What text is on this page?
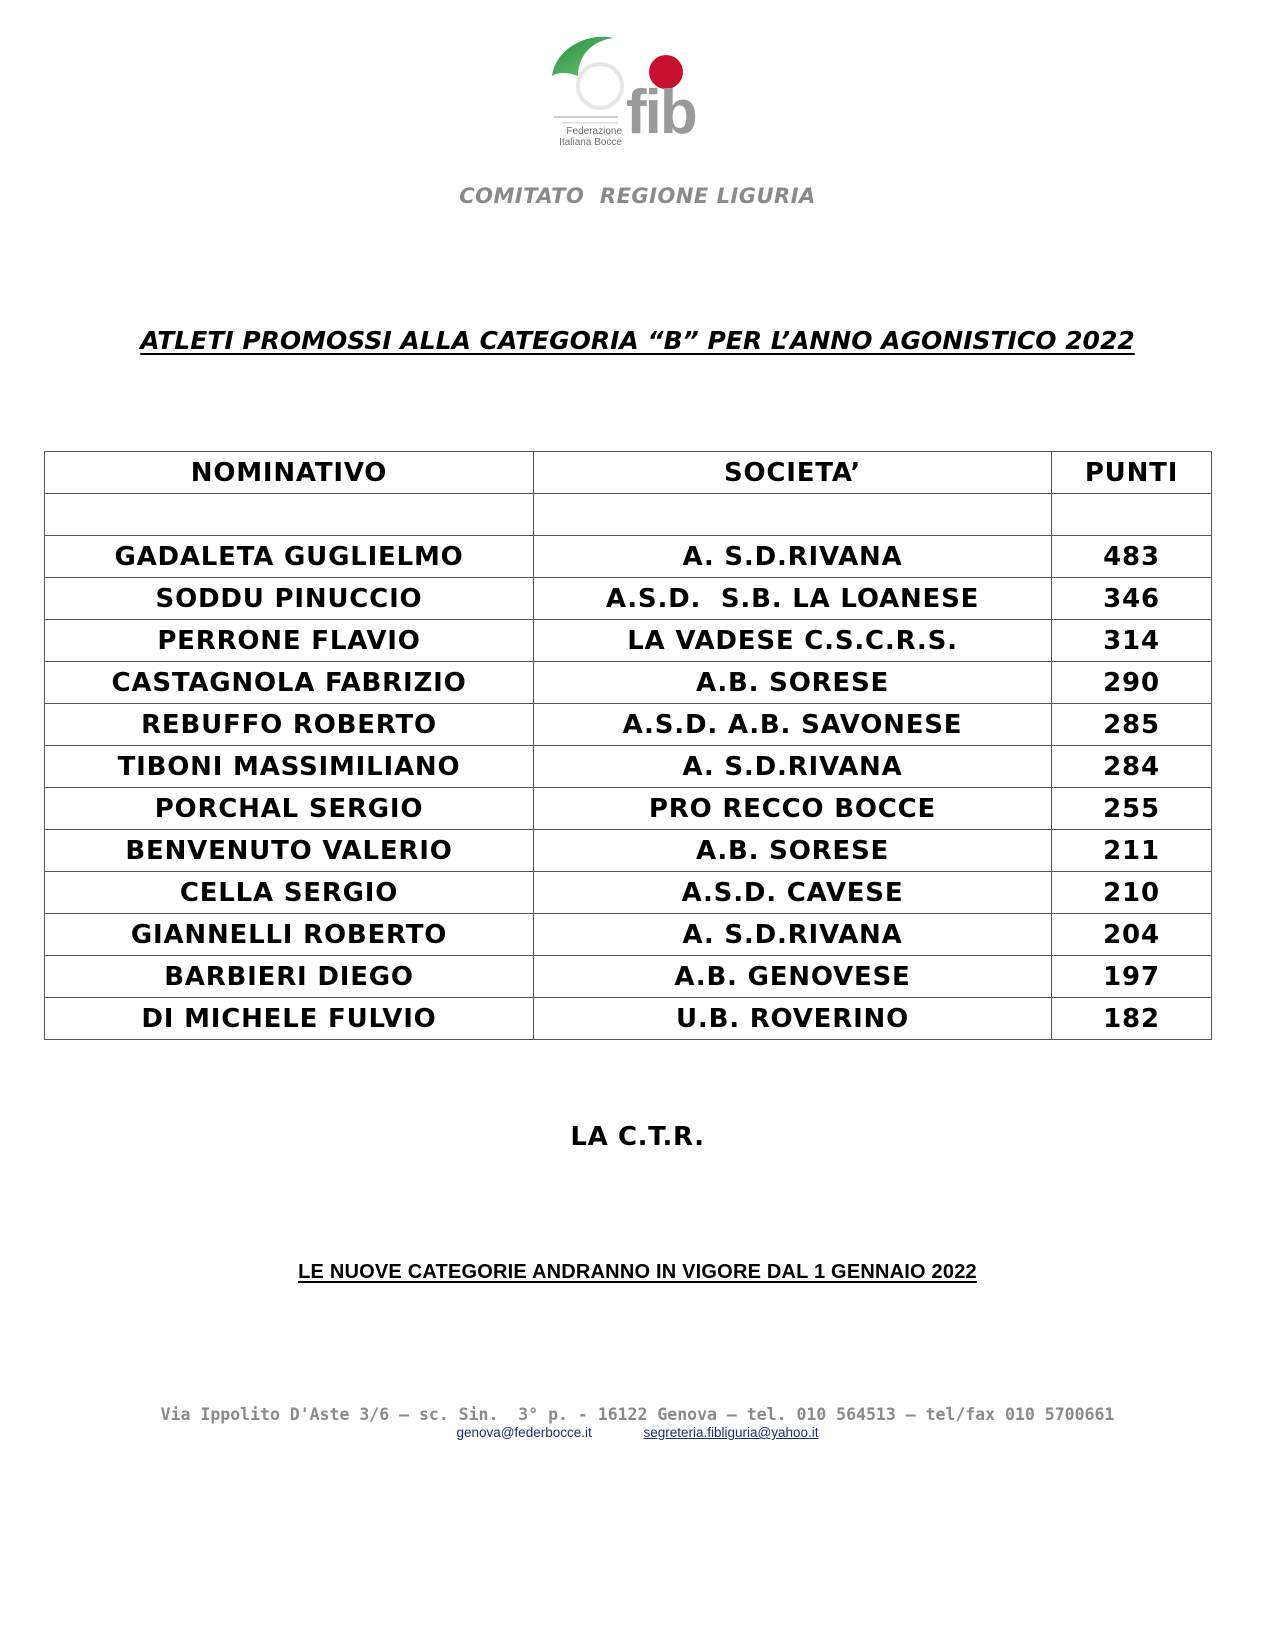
Federazione
Italiana Bocce fib
COMITATO  REGIONE LIGURIA
ATLETI PROMOSSI ALLA CATEGORIA “B” PER L’ANNO AGONISTICO 2022
NOMINATIVO	SOCIETA’	PUNTI

GADALETA GUGLIELMO	A. S.D.RIVANA	483
SODDU PINUCCIO	A.S.D.  S.B. LA LOANESE	346
PERRONE FLAVIO	LA VADESE C.S.C.R.S.	314
CASTAGNOLA FABRIZIO	A.B. SORESE	290
REBUFFO ROBERTO	A.S.D. A.B. SAVONESE	285
TIBONI MASSIMILIANO	A. S.D.RIVANA	284
PORCHAL SERGIO	PRO RECCO BOCCE	255
BENVENUTO VALERIO	A.B. SORESE	211
CELLA SERGIO	A.S.D. CAVESE	210
GIANNELLI ROBERTO	A. S.D.RIVANA	204
BARBIERI DIEGO	A.B. GENOVESE	197
DI MICHELE FULVIO	U.B. ROVERINO	182
LA C.T.R.
LE NUOVE CATEGORIE ANDRANNO IN VIGORE DAL 1 GENNAIO 2022
Via Ippolito D'Aste 3/6 – sc. Sin.  3° p. - 16122 Genova – tel. 010 564513 – tel/fax 010 5700661
genova@federbocce.it	segreteria.fibliguria@yahoo.it
